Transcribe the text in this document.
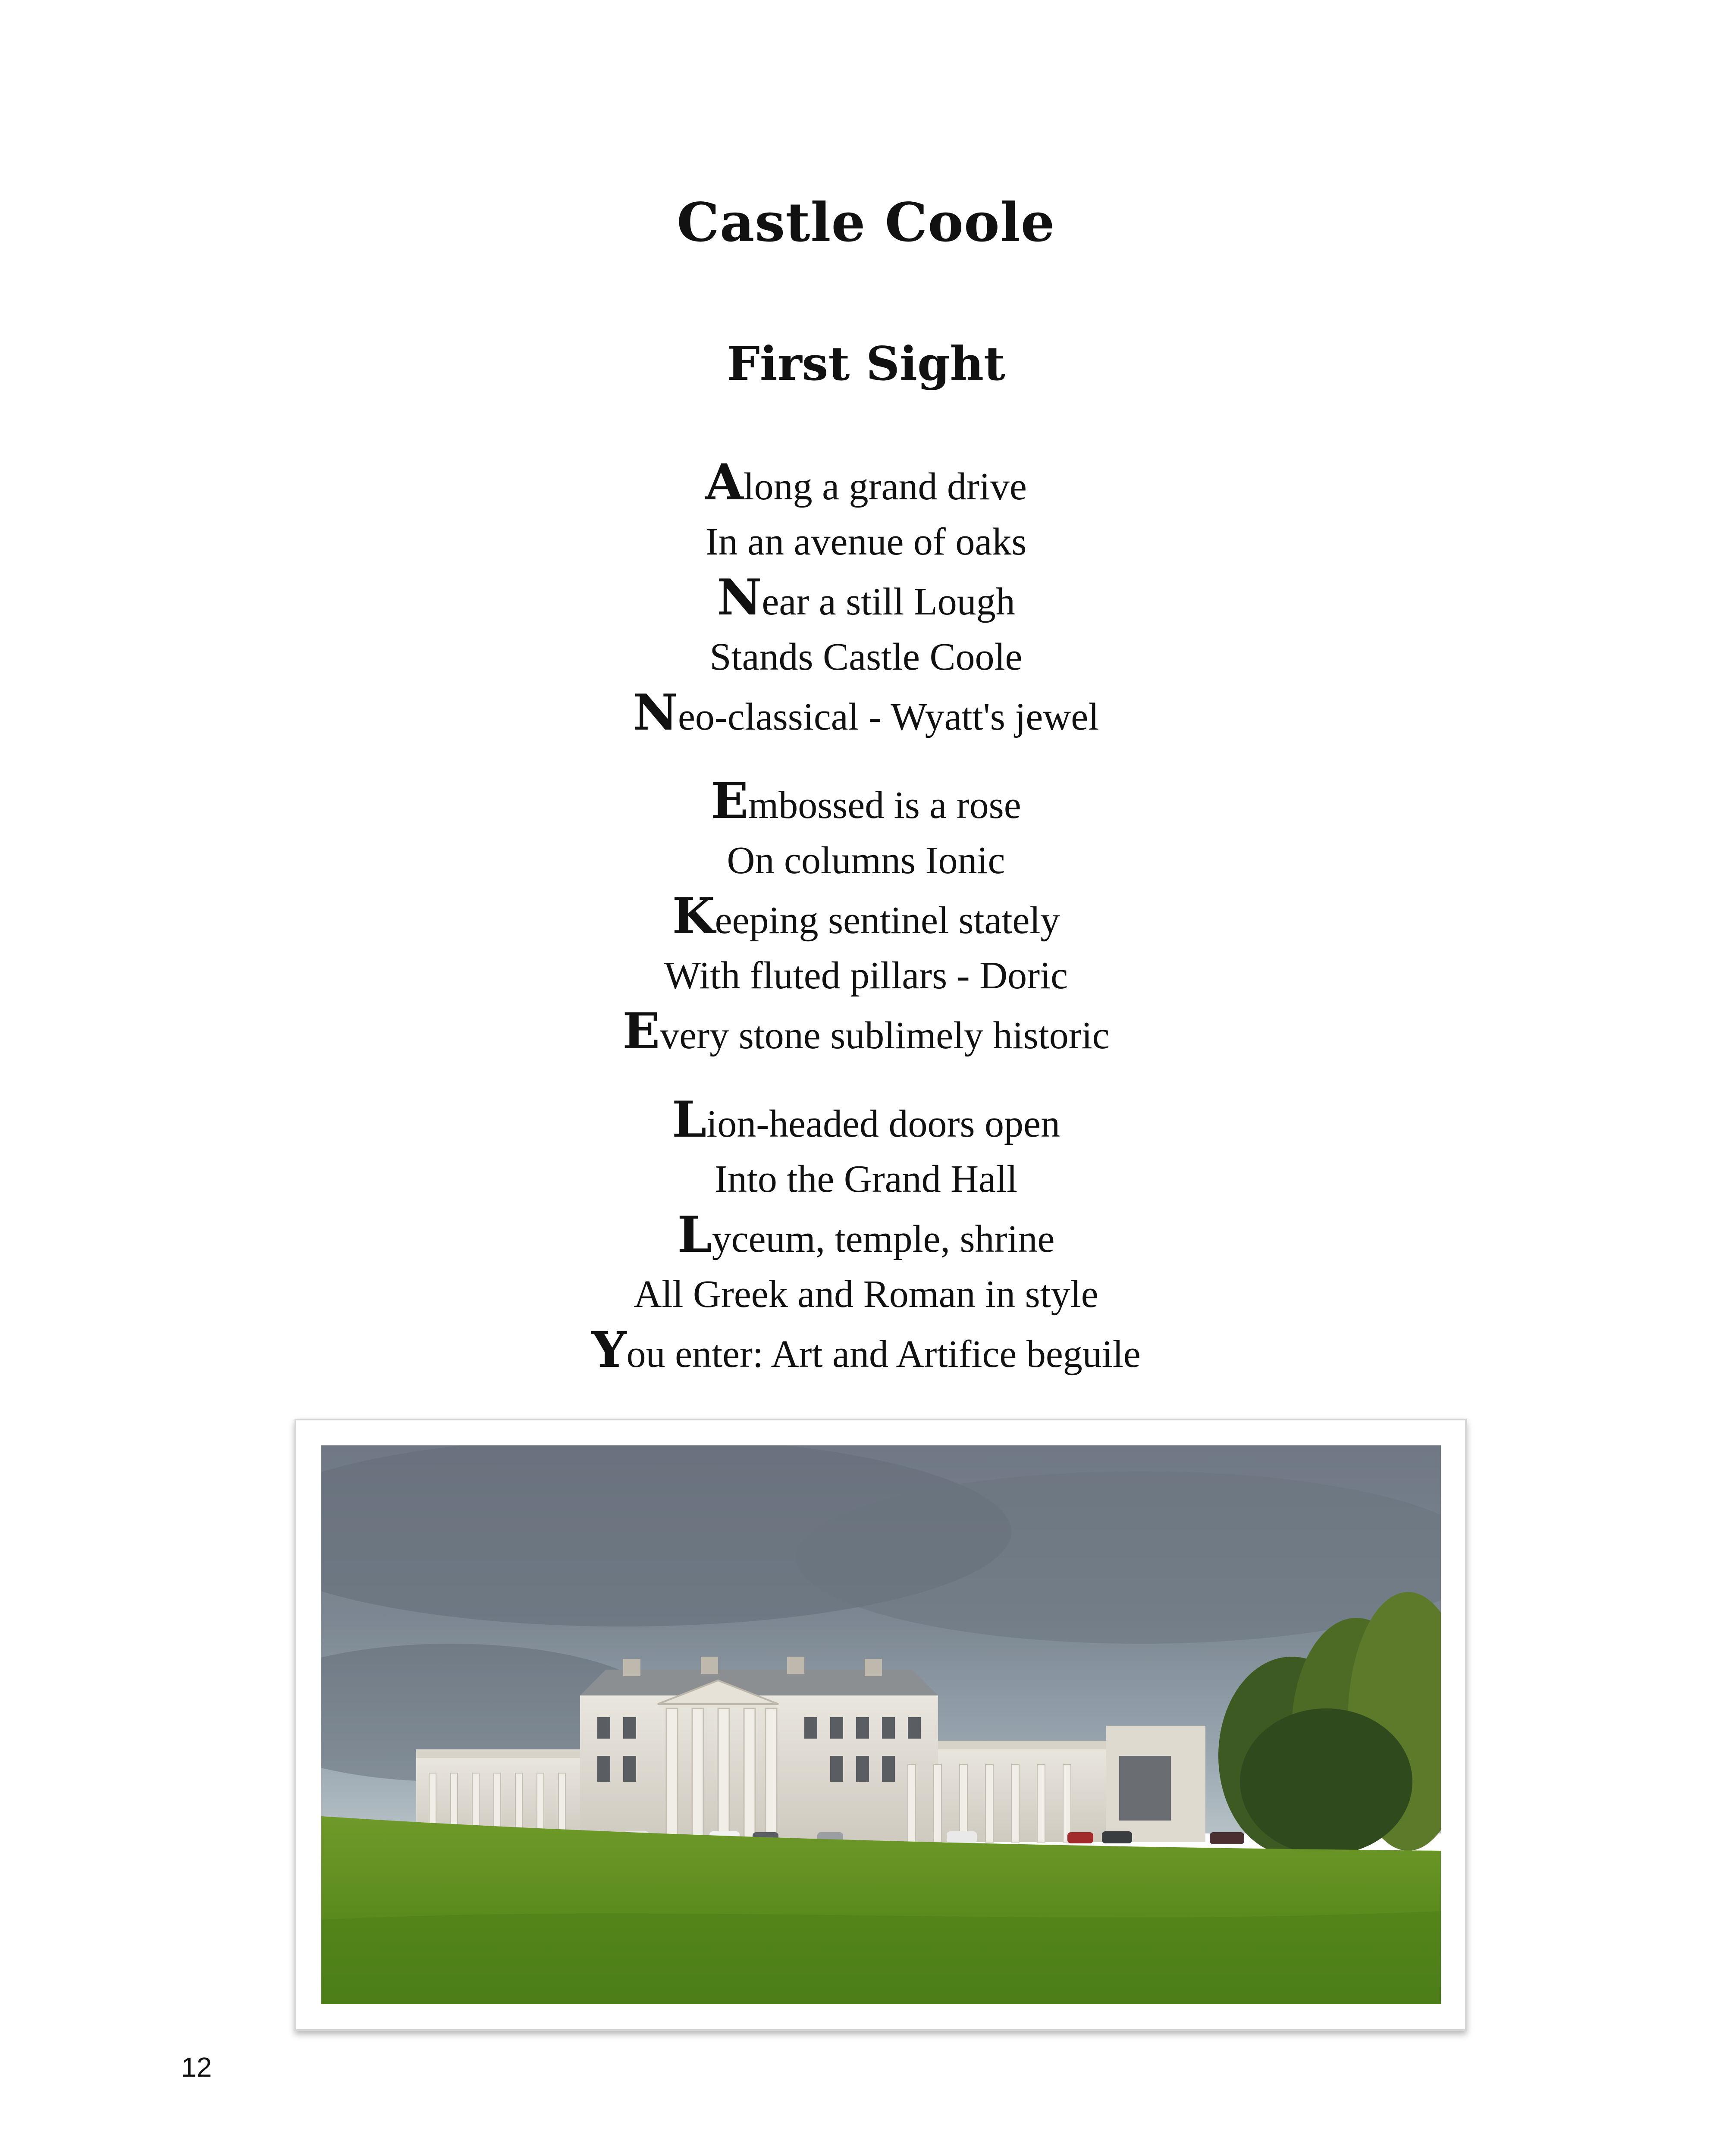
Castle Coole
First Sight
Along a grand drive
In an avenue of oaks
Near a still Lough
Stands Castle Coole
Neo-classical - Wyatt's jewel
Embossed is a rose
On columns Ionic
Keeping sentinel stately
With fluted pillars - Doric
Every stone sublimely historic
Lion-headed doors open
Into the Grand Hall
Lyceum, temple, shrine
All Greek and Roman in style
You enter: Art and Artifice beguile
12
